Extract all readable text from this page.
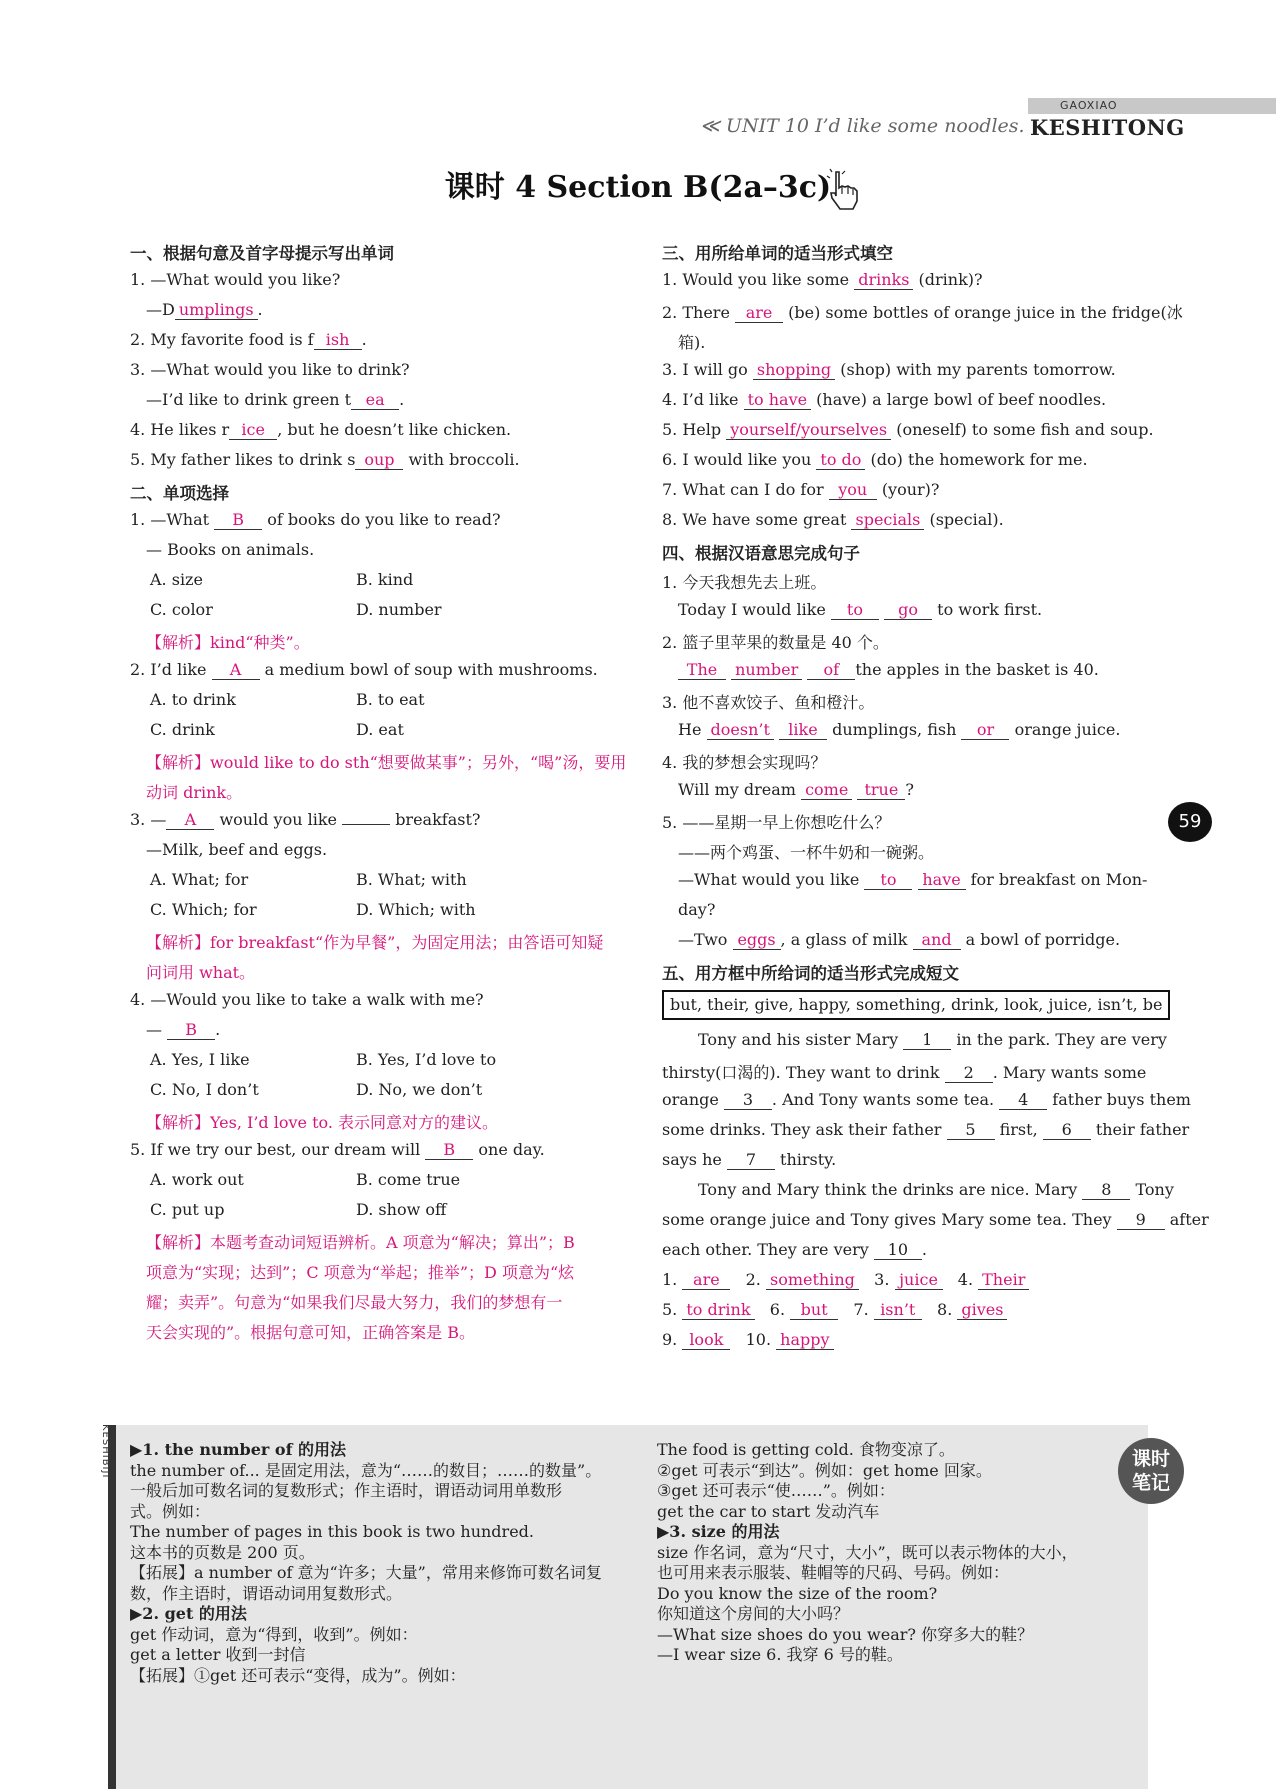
GAOXIAO
≪ UNIT 10 I’d like some noodles. KESHITONG
课时 4 Section B(2a–3c)
一、根据句意及首字母提示写出单词
1. —What would you like?
—D umplings .
2. My favorite food is f ish .
3. —What would you like to drink?
—I’d like to drink green t ea .
4. He likes r ice , but he doesn’t like chicken.
5. My father likes to drink s oup with broccoli.
二、单项选择
1. —What B of books do you like to read?
— Books on animals.
A. size	B. kind
C. color	D. number
【解析】kind“种类”。
2. I’d like A a medium bowl of soup with mushrooms.
A. to drink	B. to eat
C. drink	D. eat
【解析】would like to do sth“想要做某事”；另外，“喝”汤，要用
动词 drink。
3. — A would you like	breakfast?
—Milk, beef and eggs.
A. What; for	B. What; with
C. Which; for	D. Which; with
【解析】for breakfast“作为早餐”，为固定用法；由答语可知疑
问词用 what。
4. —Would you like to take a walk with me?
— B .
A. Yes, I like	B. Yes, I’d love to
C. No, I don’t	D. No, we don’t
【解析】Yes, I’d love to. 表示同意对方的建议。
5. If we try our best, our dream will B one day.
A. work out	B. come true
C. put up	D. show off
【解析】本题考查动词短语辨析。A 项意为“解决；算出”；B
项意为“实现；达到”；C 项意为“举起；推举”；D 项意为“炫
耀；卖弄”。句意为“如果我们尽最大努力，我们的梦想有一
天会实现的”。根据句意可知，正确答案是 B。
三、用所给单词的适当形式填空
1. Would you like some drinks (drink)?
2. There are (be) some bottles of orange juice in the fridge(冰
箱).
3. I will go shopping (shop) with my parents tomorrow.
4. I’d like to have (have) a large bowl of beef noodles.
5. Help yourself/yourselves (oneself) to some fish and soup.
6. I would like you to do (do) the homework for me.
7. What can I do for you (your)?
8. We have some great specials (special).
四、根据汉语意思完成句子
1. 今天我想先去上班。
Today I would like to go to work first.
2. 篮子里苹果的数量是 40 个。
The number of the apples in the basket is 40.
3. 他不喜欢饺子、鱼和橙汁。
He doesn’t like dumplings, fish or orange juice.
4. 我的梦想会实现吗？
Will my dream come true ?
5. ——星期一早上你想吃什么？
——两个鸡蛋、一杯牛奶和一碗粥。
—What would you like to have for breakfast on Mon-
day?
—Two eggs , a glass of milk and a bowl of porridge.
五、用方框中所给词的适当形式完成短文
but, their, give, happy, something, drink, look, juice, isn’t, be
Tony and his sister Mary 1 in the park. They are very
thirsty(口渴的). They want to drink 2 . Mary wants some
orange 3 . And Tony wants some tea. 4 father buys them
some drinks. They ask their father 5 first, 6 their father
says he 7 thirsty.
Tony and Mary think the drinks are nice. Mary 8 Tony
some orange juice and Tony gives Mary some tea. They 9 after
each other. They are very 10 .
1. are 2. something 3. juice 4. Their
5. to drink 6. but 7. isn’t 8. gives
9. look 10. happy
59
KESHIBIJI	课时
笔记
▶1. the number of 的用法
the number of... 是固定用法，意为“……的数目；……的数量”。
一般后加可数名词的复数形式；作主语时，谓语动词用单数形
式。例如：
The number of pages in this book is two hundred.
这本书的页数是 200 页。
【拓展】a number of 意为“许多；大量”，常用来修饰可数名词复
数，作主语时，谓语动词用复数形式。
▶2. get 的用法
get 作动词，意为“得到，收到”。例如：
get a letter 收到一封信
【拓展】①get 还可表示“变得，成为”。例如：
The food is getting cold. 食物变凉了。
②get 可表示“到达”。例如：get home 回家。
③get 还可表示“使……”。例如：
get the car to start 发动汽车
▶3. size 的用法
size 作名词，意为“尺寸，大小”，既可以表示物体的大小，
也可用来表示服装、鞋帽等的尺码、号码。例如：
Do you know the size of the room?
你知道这个房间的大小吗？
—What size shoes do you wear? 你穿多大的鞋？
—I wear size 6. 我穿 6 号的鞋。
